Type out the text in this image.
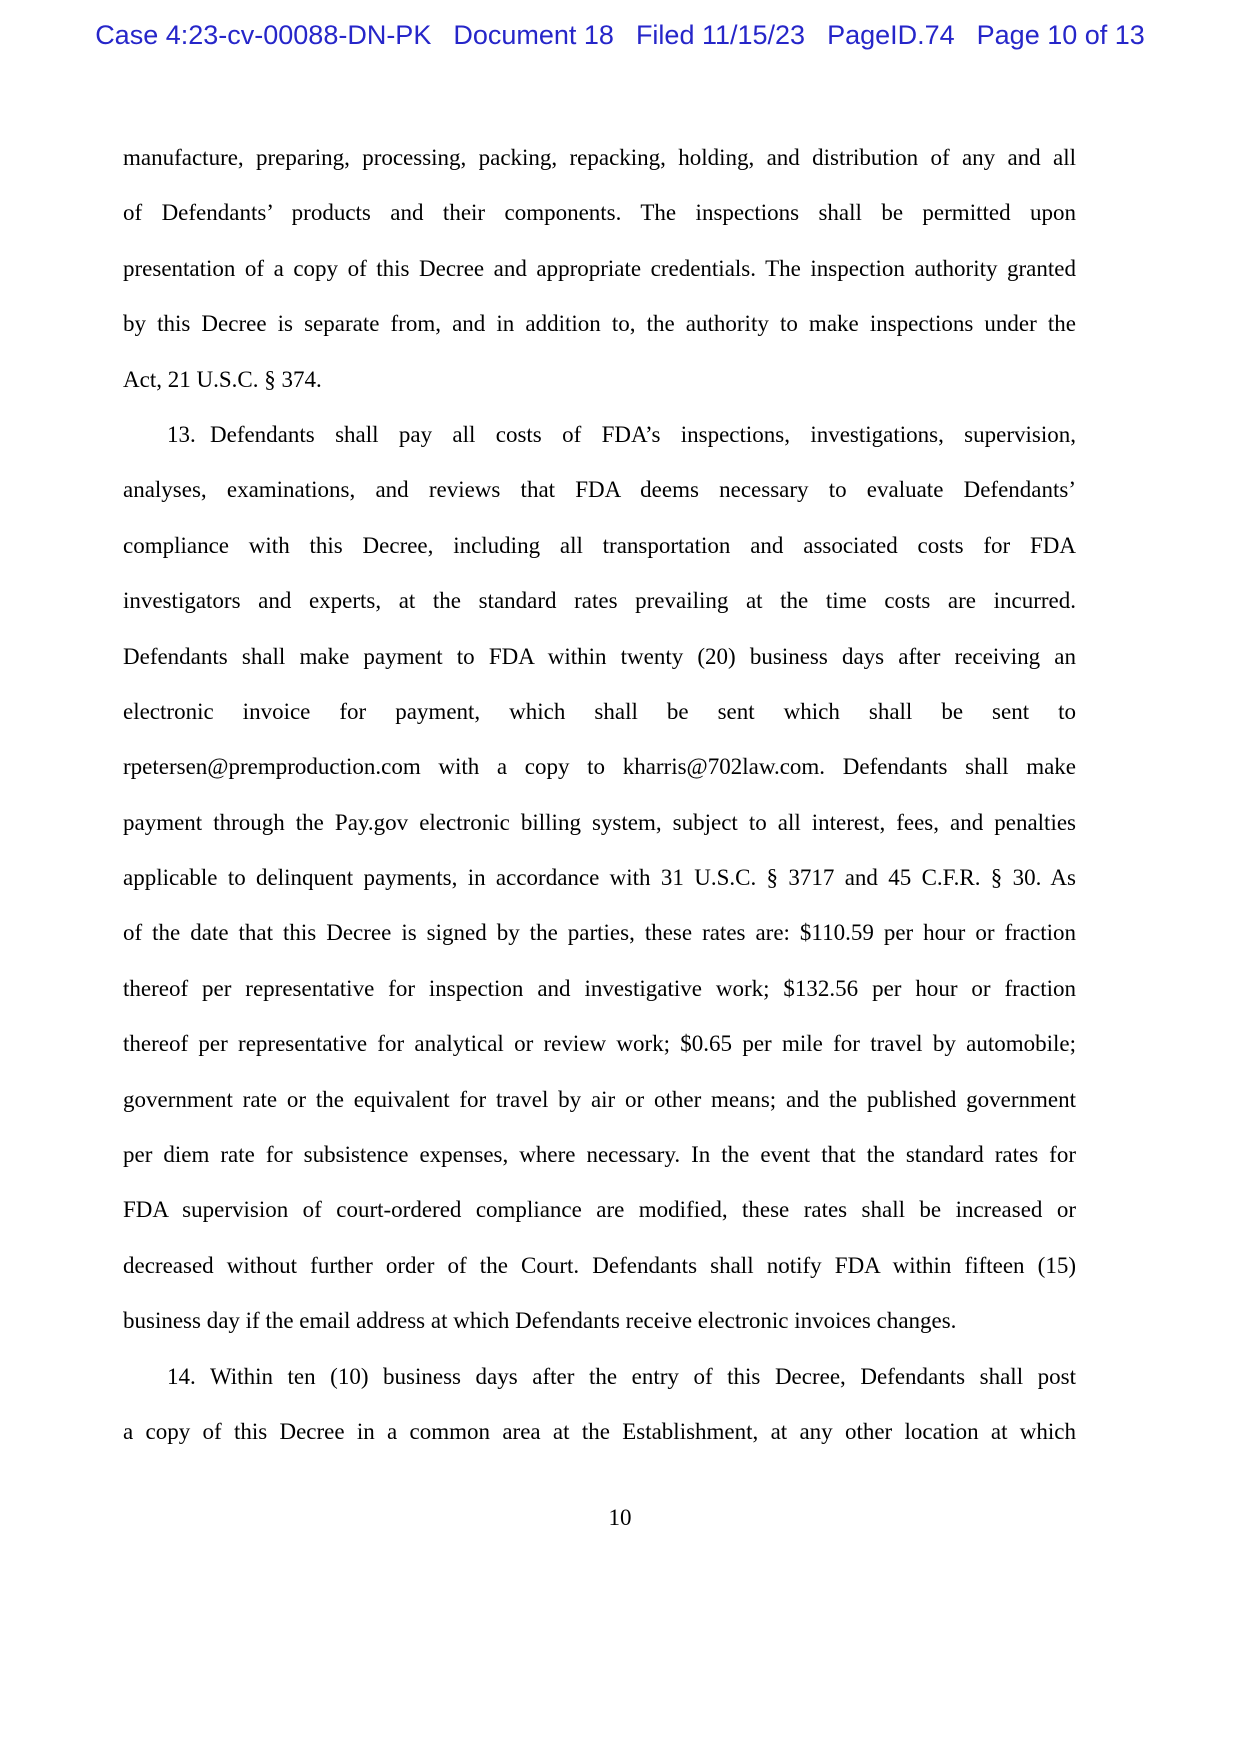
Case 4:23-cv-00088-DN-PK Document 18 Filed 11/15/23 PageID.74 Page 10 of 13
manufacture, preparing, processing, packing, repacking, holding, and distribution of any and all
of Defendants’ products and their components. The inspections shall be permitted upon
presentation of a copy of this Decree and appropriate credentials. The inspection authority granted
by this Decree is separate from, and in addition to, the authority to make inspections under the
Act, 21 U.S.C. § 374.
13. Defendants shall pay all costs of FDA’s inspections, investigations, supervision,
analyses, examinations, and reviews that FDA deems necessary to evaluate Defendants’
compliance with this Decree, including all transportation and associated costs for FDA
investigators and experts, at the standard rates prevailing at the time costs are incurred.
Defendants shall make payment to FDA within twenty (20) business days after receiving an
electronic invoice for payment, which shall be sent which shall be sent to
rpetersen@premproduction.com with a copy to kharris@702law.com. Defendants shall make
payment through the Pay.gov electronic billing system, subject to all interest, fees, and penalties
applicable to delinquent payments, in accordance with 31 U.S.C. § 3717 and 45 C.F.R. § 30. As
of the date that this Decree is signed by the parties, these rates are: $110.59 per hour or fraction
thereof per representative for inspection and investigative work; $132.56 per hour or fraction
thereof per representative for analytical or review work; $0.65 per mile for travel by automobile;
government rate or the equivalent for travel by air or other means; and the published government
per diem rate for subsistence expenses, where necessary. In the event that the standard rates for
FDA supervision of court-ordered compliance are modified, these rates shall be increased or
decreased without further order of the Court. Defendants shall notify FDA within fifteen (15)
business day if the email address at which Defendants receive electronic invoices changes.
14. Within ten (10) business days after the entry of this Decree, Defendants shall post
a copy of this Decree in a common area at the Establishment, at any other location at which
10
